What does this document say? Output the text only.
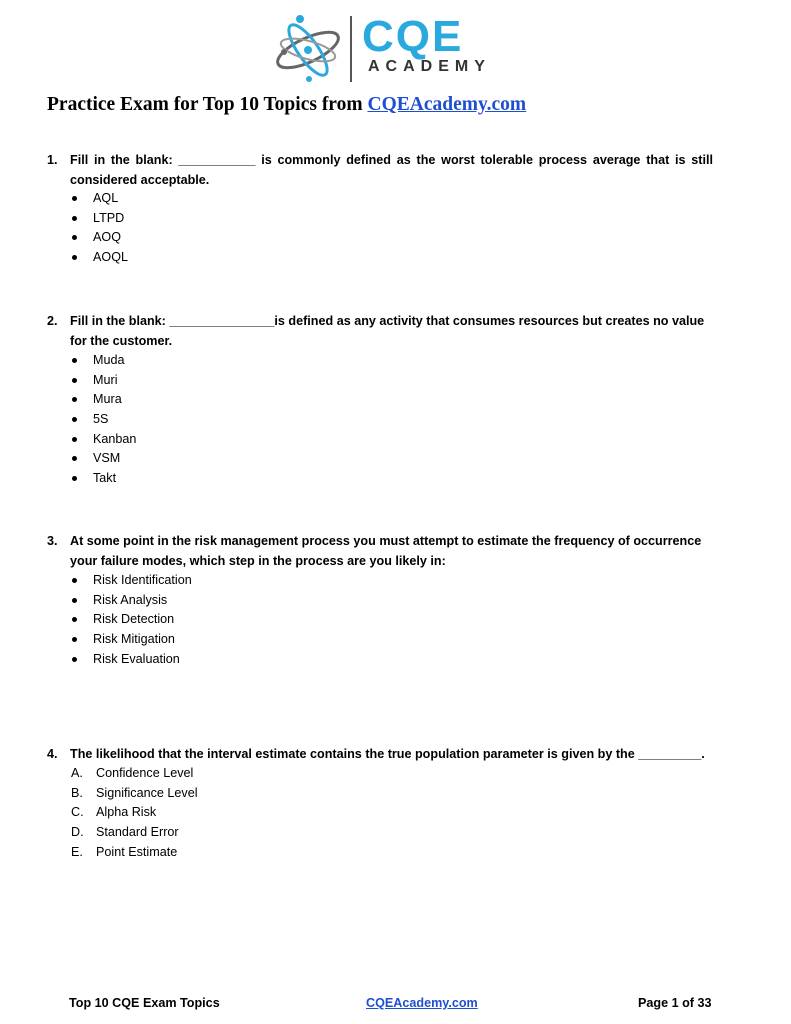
CQE
ACADEMY
Practice Exam for Top 10 Topics from CQEAcademy.com
1. Fill in the blank: ___________ is commonly defined as the worst tolerable process average that is still considered acceptable.
AQL
LTPD
AOQ
AOQL
2. Fill in the blank: _______________is defined as any activity that consumes resources but creates no value
for the customer.
Muda
Muri
Mura
5S
Kanban
VSM
Takt
3. At some point in the risk management process you must attempt to estimate the frequency of occurrence
your failure modes, which step in the process are you likely in:
Risk Identification
Risk Analysis
Risk Detection
Risk Mitigation
Risk Evaluation
4. The likelihood that the interval estimate contains the true population parameter is given by the _________.
A. Confidence Level
B. Significance Level
C. Alpha Risk
D. Standard Error
E. Point Estimate
Top 10 CQE Exam Topics	CQEAcademy.com	Page 1 of 33
